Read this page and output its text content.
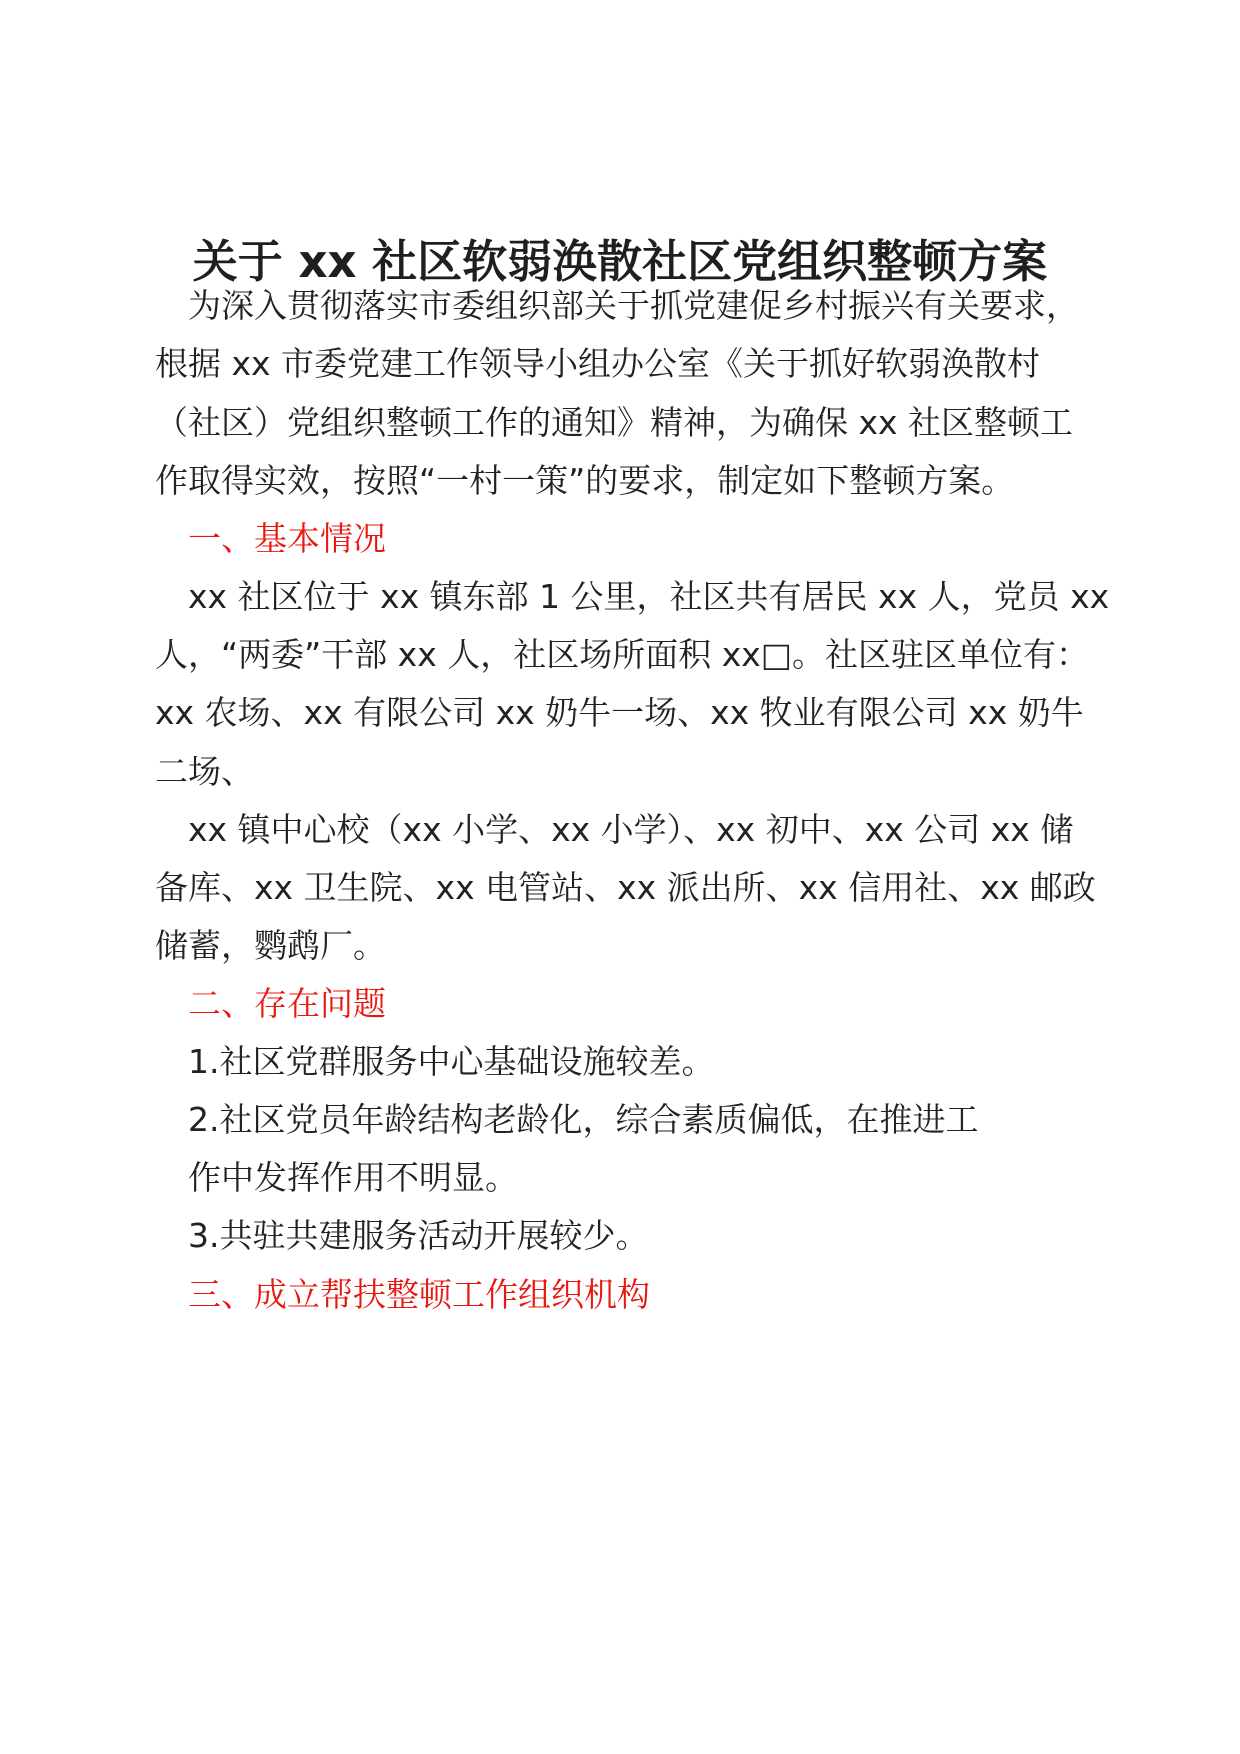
关于 xx 社区软弱涣散社区党组织整顿方案
为深入贯彻落实市委组织部关于抓党建促乡村振兴有关要求，
根据 xx 市委党建工作领导小组办公室《关于抓好软弱涣散村
（社区）党组织整顿工作的通知》精神，为确保 xx 社区整顿工
作取得实效，按照“一村一策”的要求，制定如下整顿方案。
一、基本情况
xx 社区位于 xx 镇东部 1 公里，社区共有居民 xx 人，党员 xx
人，“两委”干部 xx 人，社区场所面积 xx□。社区驻区单位有：
xx 农场、xx 有限公司 xx 奶牛一场、xx 牧业有限公司 xx 奶牛
二场、
xx 镇中心校（xx 小学、xx 小学）、xx 初中、xx 公司 xx 储
备库、xx 卫生院、xx 电管站、xx 派出所、xx 信用社、xx 邮政
储蓄，鹦鹉厂。
二、存在问题
1.社区党群服务中心基础设施较差。
2.社区党员年龄结构老龄化，综合素质偏低，在推进工
作中发挥作用不明显。
3.共驻共建服务活动开展较少。
三、成立帮扶整顿工作组织机构
